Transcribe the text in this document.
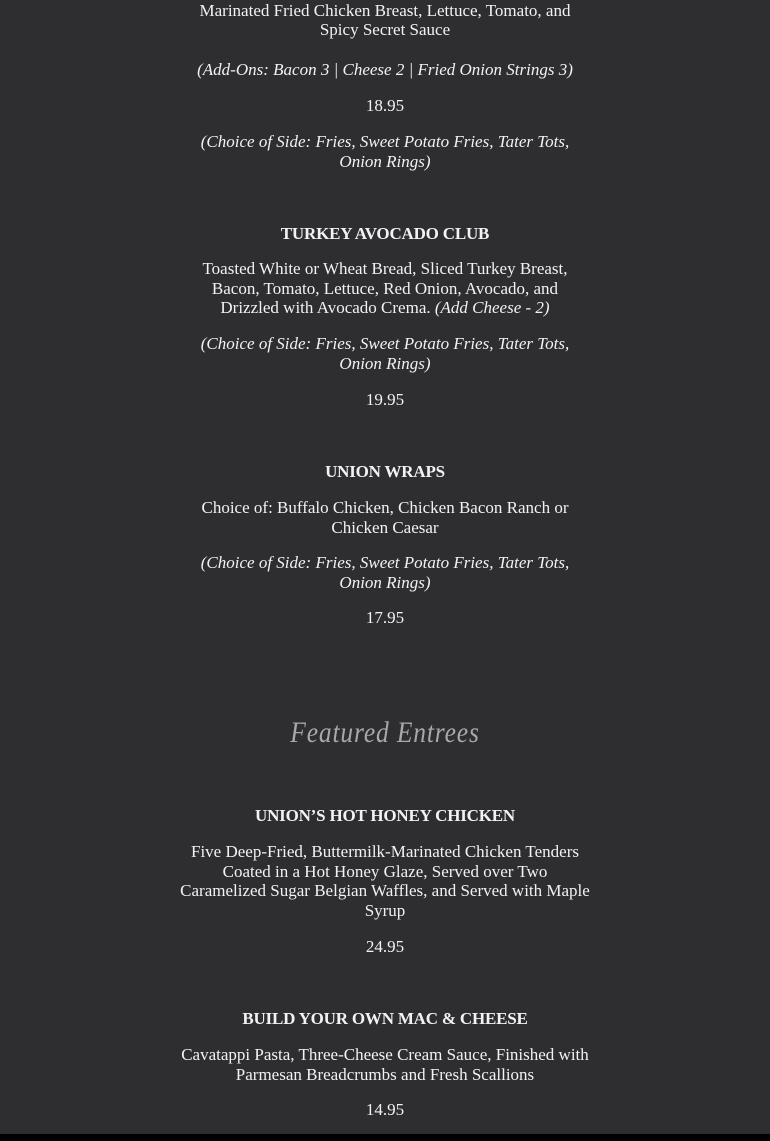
Marinated Fried Chicken Breast, Lettuce, Tomato, and Spicy Secret Sauce
(Add-Ons: Bacon 3 | Cheese 2 | Fried Onion Strings 3)
18.95
(Choice of Side: Fries, Sweet Potato Fries, Tater Tots, Onion Rings)
TURKEY AVOCADO CLUB
Toasted White or Wheat Bread, Sliced Turkey Breast, Bacon, Tomato, Lettuce, Red Onion, Avocado, and Drizzled with Avocado Crema. (Add Cheese - 2)
(Choice of Side: Fries, Sweet Potato Fries, Tater Tots, Onion Rings)
19.95
UNION WRAPS
Choice of: Buffalo Chicken, Chicken Bacon Ranch or Chicken Caesar
(Choice of Side: Fries, Sweet Potato Fries, Tater Tots, Onion Rings)
17.95
Featured Entrees
UNION’S HOT HONEY CHICKEN
Five Deep-Fried, Buttermilk-Marinated Chicken Tenders Coated in a Hot Honey Glaze, Served over Two Caramelized Sugar Belgian Waffles, and Served with Maple Syrup
24.95
BUILD YOUR OWN MAC & CHEESE
Cavatappi Pasta, Three-Cheese Cream Sauce, Finished with Parmesan Breadcrumbs and Fresh Scallions
14.95
